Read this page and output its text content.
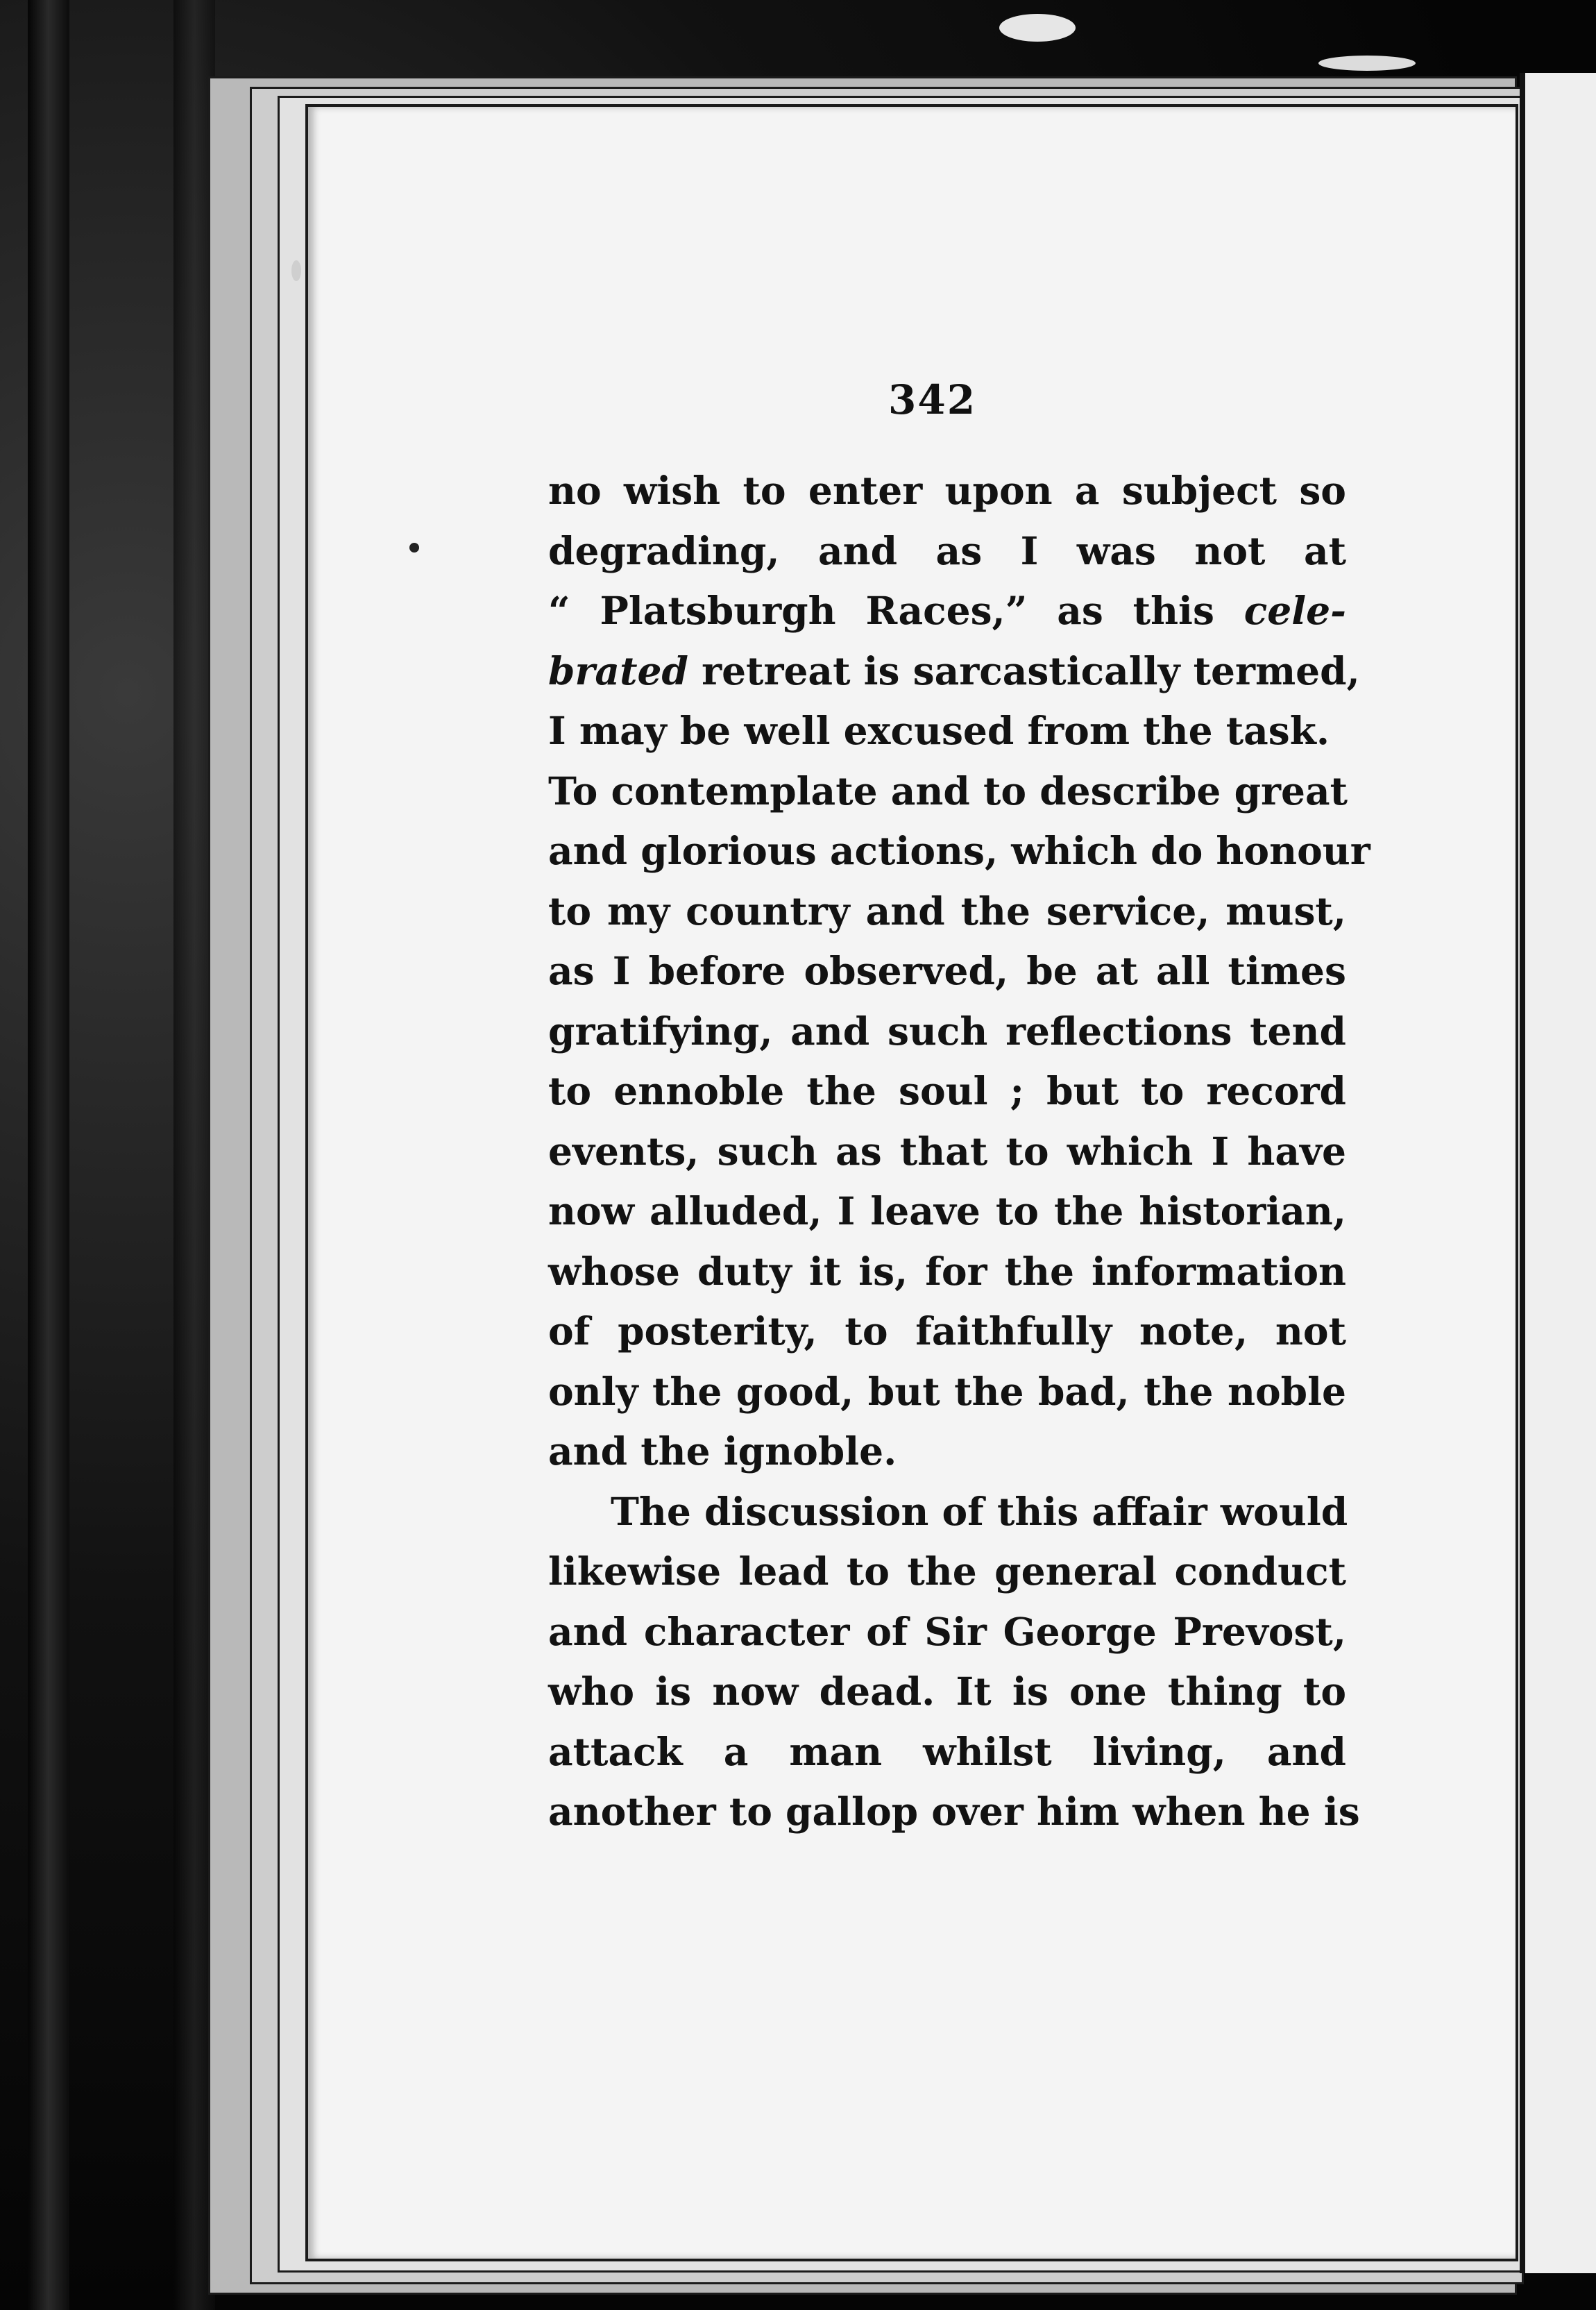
342
no wish to enter upon a subject so
degrading, and as I was not at
“ Platsburgh Races,” as this cele-
brated retreat is sarcastically termed,
I may be well excused from the task.
To contemplate and to describe great
and glorious actions, which do honour
to my country and the service, must,
as I before observed, be at all times
gratifying, and such reflections tend
to ennoble the soul ; but to record
events, such as that to which I have
now alluded, I leave to the historian,
whose duty it is, for the information
of posterity, to faithfully note, not
only the good, but the bad, the noble
and the ignoble.
The discussion of this affair would
likewise lead to the general conduct
and character of Sir George Prevost,
who is now dead. It is one thing to
attack a man whilst living, and
another to gallop over him when he is
